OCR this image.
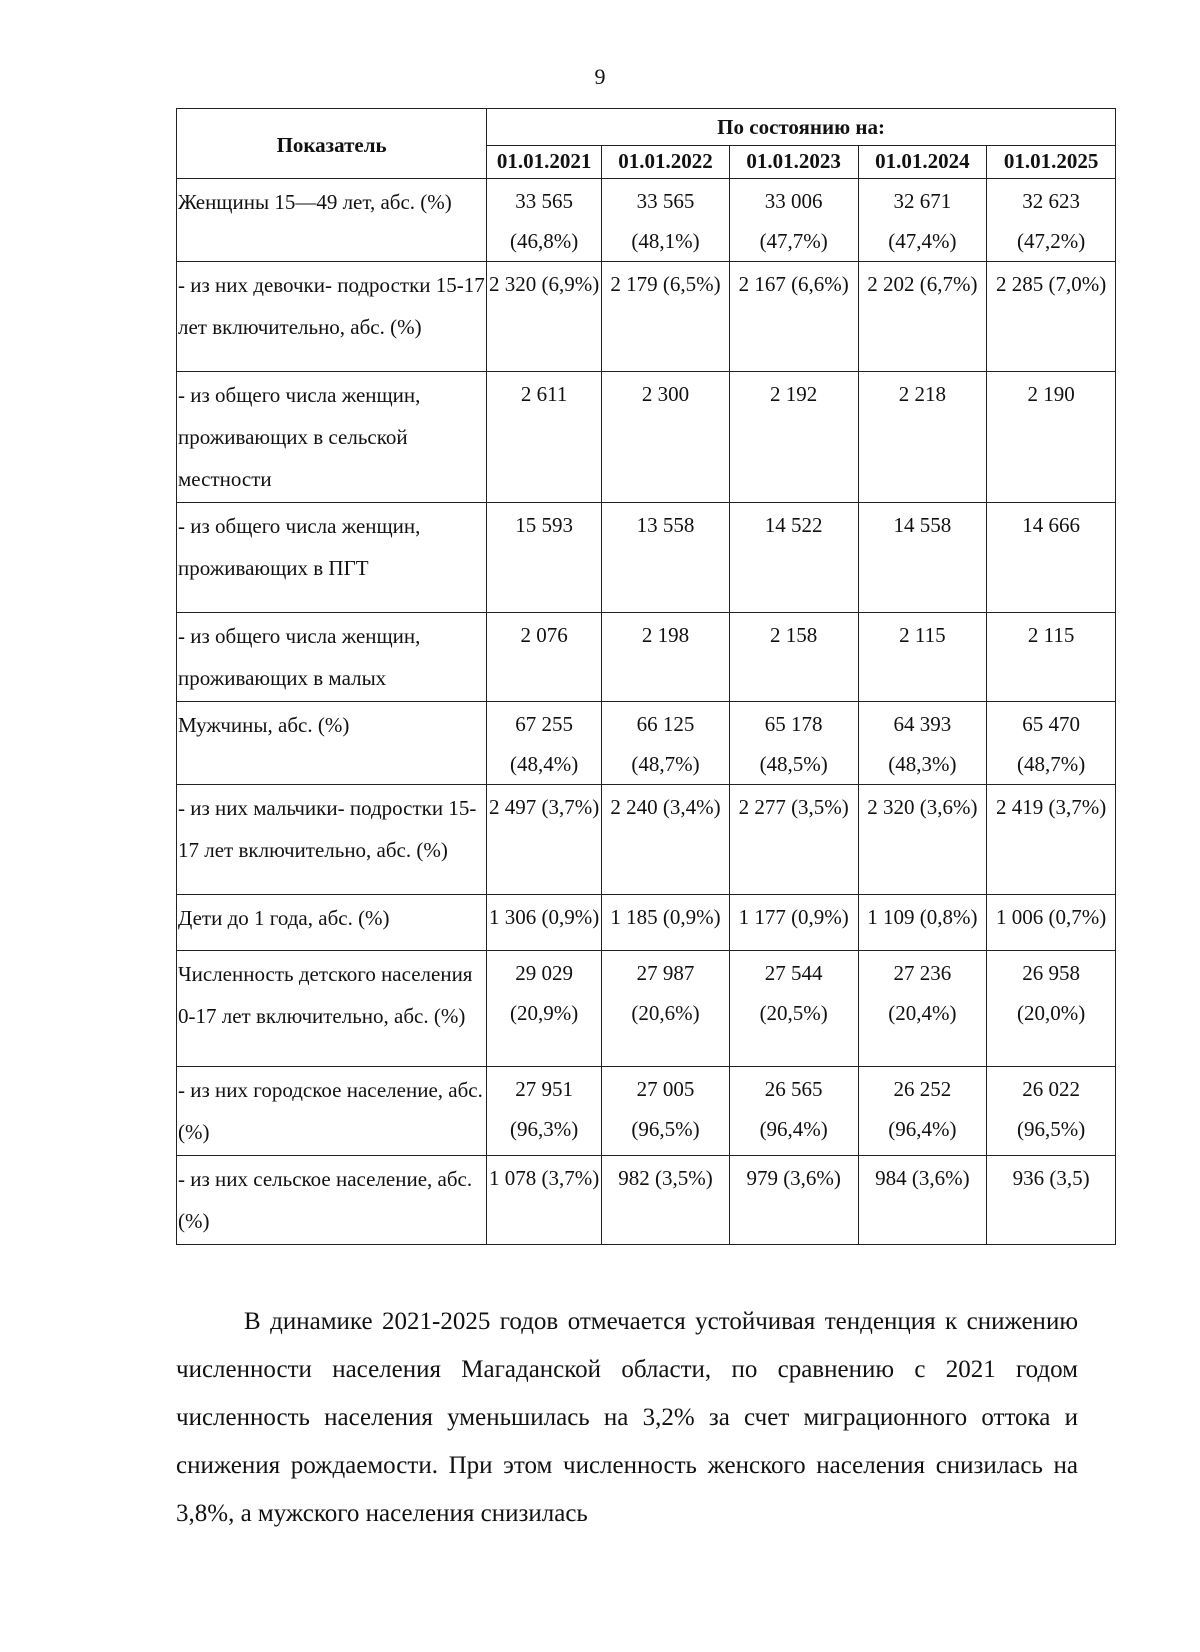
9
Показатель	По состоянию на:				
	01.01.2021	01.01.2022	01.01.2023	01.01.2024	01.01.2025
Женщины 15—49 лет, абс. (%)	33 565 (46,8%)	33 565 (48,1%)	33 006 (47,7%)	32 671 (47,4%)	32 623 (47,2%)
- из них девочки- подростки 15-17 лет включительно, абс. (%)	2 320 (6,9%)	2 179 (6,5%)	2 167 (6,6%)	2 202 (6,7%)	2 285 (7,0%)
- из общего числа женщин, проживающих в сельской местности	2 611	2 300	2 192	2 218	2 190
- из общего числа женщин, проживающих в ПГТ	15 593	13 558	14 522	14 558	14 666
- из общего числа женщин, проживающих в малых	2 076	2 198	2 158	2 115	2 115
Мужчины, абс. (%)	67 255 (48,4%)	66 125 (48,7%)	65 178 (48,5%)	64 393 (48,3%)	65 470 (48,7%)
- из них мальчики- подростки 15-17 лет включительно, абс. (%)	2 497 (3,7%)	2 240 (3,4%)	2 277 (3,5%)	2 320 (3,6%)	2 419 (3,7%)
Дети до 1 года, абс. (%)	1 306 (0,9%)	1 185 (0,9%)	1 177 (0,9%)	1 109 (0,8%)	1 006 (0,7%)
Численность детского населения 0-17 лет включительно, абс. (%)	29 029 (20,9%)	27 987 (20,6%)	27 544 (20,5%)	27 236 (20,4%)	26 958 (20,0%)
- из них городское население, абс. (%)	27 951 (96,3%)	27 005 (96,5%)	26 565 (96,4%)	26 252 (96,4%)	26 022 (96,5%)
- из них сельское население, абс. (%)	1 078 (3,7%)	982 (3,5%)	979 (3,6%)	984 (3,6%)	936 (3,5)

В динамике 2021-2025 годов отмечается устойчивая тенденция к снижению численности населения Магаданской области, по сравнению с 2021 годом численность населения уменьшилась на 3,2% за счет миграционного оттока и снижения рождаемости. При этом численность женского населения снизилась на 3,8%, а мужского населения снизилась
